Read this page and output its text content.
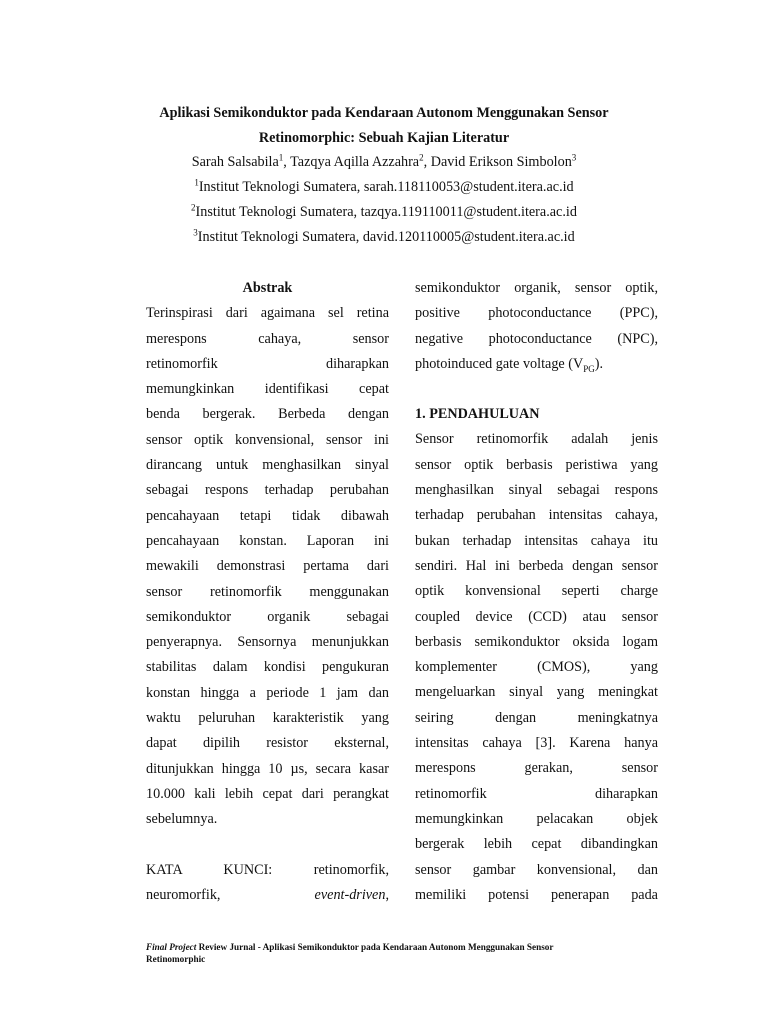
Aplikasi Semikonduktor pada Kendaraan Autonom Menggunakan Sensor
Retinomorphic: Sebuah Kajian Literatur
Sarah Salsabila$^1$, Tazqya Aqilla Azzahra$^2$, David Erikson Simbolon$^3$
$^1$Institut Teknologi Sumatera, sarah.118110053@student.itera.ac.id
$^2$Institut Teknologi Sumatera, tazqya.119110011@student.itera.ac.id
$^3$Institut Teknologi Sumatera, david.120110005@student.itera.ac.id
Abstrak
Terinspirasi dari agaimana sel retina
merespons cahaya, sensor
retinomorfik diharapkan
memungkinkan identifikasi cepat
benda bergerak. Berbeda dengan
sensor optik konvensional, sensor ini
dirancang untuk menghasilkan sinyal
sebagai respons terhadap perubahan
pencahayaan tetapi tidak dibawah
pencahayaan konstan. Laporan ini
mewakili demonstrasi pertama dari
sensor retinomorfik menggunakan
semikonduktor organik sebagai
penyerapnya. Sensornya menunjukkan
stabilitas dalam kondisi pengukuran
konstan hingga a periode 1 jam dan
waktu peluruhan karakteristik yang
dapat dipilih resistor eksternal,
ditunjukkan hingga 10 µs, secara kasar
10.000 kali lebih cepat dari perangkat
sebelumnya.
KATA KUNCI:	retinomorfik,
neuromorfik,	event-driven,
semikonduktor organik, sensor optik,
positive photoconductance (PPC),
negative photoconductance (NPC),
photoinduced gate voltage $(V_{PG})$.
1. PENDAHULUAN
Sensor retinomorfik adalah jenis
sensor optik berbasis peristiwa yang
menghasilkan sinyal sebagai respons
terhadap perubahan intensitas cahaya,
bukan terhadap intensitas cahaya itu
sendiri. Hal ini berbeda dengan sensor
optik konvensional seperti charge
coupled device (CCD) atau sensor
berbasis semikonduktor oksida logam
komplementer (CMOS), yang
mengeluarkan sinyal yang meningkat
seiring dengan meningkatnya
intensitas cahaya [3]. Karena hanya
merespons gerakan, sensor
retinomorfik diharapkan
memungkinkan pelacakan objek
bergerak lebih cepat dibandingkan
sensor gambar konvensional, dan
memiliki potensi penerapan pada
Final Project Review Jurnal - Aplikasi Semikonduktor pada Kendaraan Autonom Menggunakan Sensor
Retinomorphic
